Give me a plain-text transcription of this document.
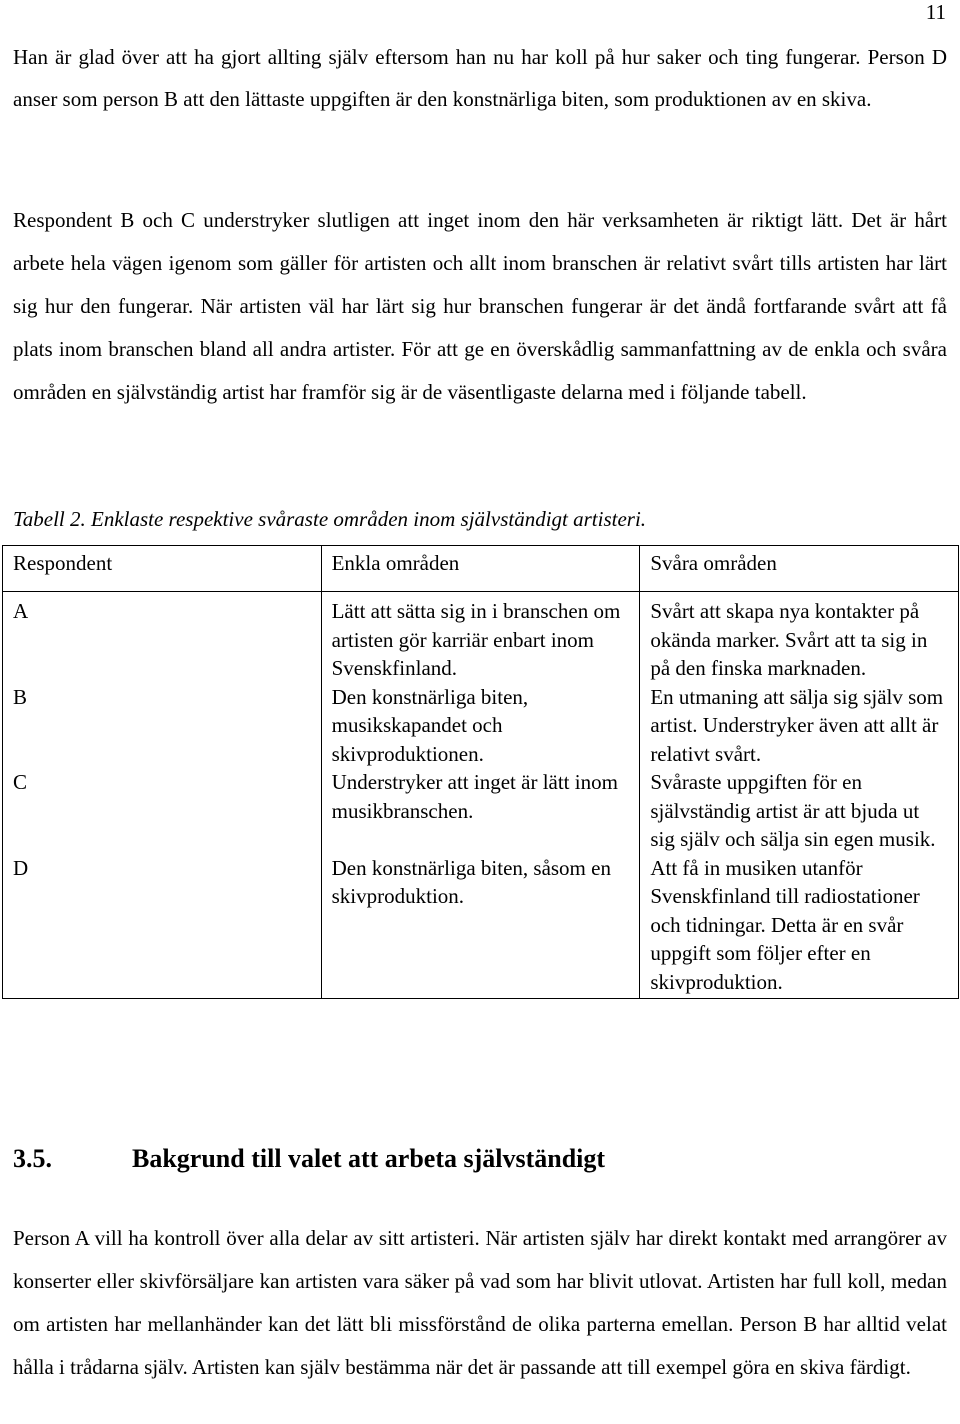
11

Han är glad över att ha gjort allting själv eftersom han nu har koll på hur saker och ting fungerar. Person D anser som person B att den lättaste uppgiften är den konstnärliga biten, som produktionen av en skiva.

Respondent B och C understryker slutligen att inget inom den här verksamheten är riktigt lätt. Det är hårt arbete hela vägen igenom som gäller för artisten och allt inom branschen är relativt svårt tills artisten har lärt sig hur den fungerar. När artisten väl har lärt sig hur branschen fungerar är det ändå fortfarande svårt att få plats inom branschen bland all andra artister. För att ge en överskådlig sammanfattning av de enkla och svåra områden en självständig artist har framför sig är de väsentligaste delarna med i följande tabell.

Tabell 2. Enklaste respektive svåraste områden inom självständigt artisteri.
Respondent	Enkla områden	Svåra områden
A	Lätt att sätta sig in i branschen om artisten gör karriär enbart inom Svenskfinland.	Svårt att skapa nya kontakter på okända marker. Svårt att ta sig in på den finska marknaden.
B	Den konstnärliga biten, musikskapandet och skivproduktionen.	En utmaning att sälja sig själv som artist. Understryker även att allt är relativt svårt.
C	Understryker att inget är lätt inom musikbranschen.	Svåraste uppgiften för en självständig artist är att bjuda ut sig själv och sälja sin egen musik.
D	Den konstnärliga biten, såsom en skivproduktion.	Att få in musiken utanför Svenskfinland till radiostationer och tidningar. Detta är en svår uppgift som följer efter en skivproduktion.
3.5.	Bakgrund till valet att arbeta självständigt

Person A vill ha kontroll över alla delar av sitt artisteri. När artisten själv har direkt kontakt med arrangörer av konserter eller skivförsäljare kan artisten vara säker på vad som har blivit utlovat. Artisten har full koll, medan om artisten har mellanhänder kan det lätt bli missförstånd de olika parterna emellan. Person B har alltid velat hålla i trådarna själv. Artisten kan själv bestämma när det är passande att till exempel göra en skiva färdigt.
